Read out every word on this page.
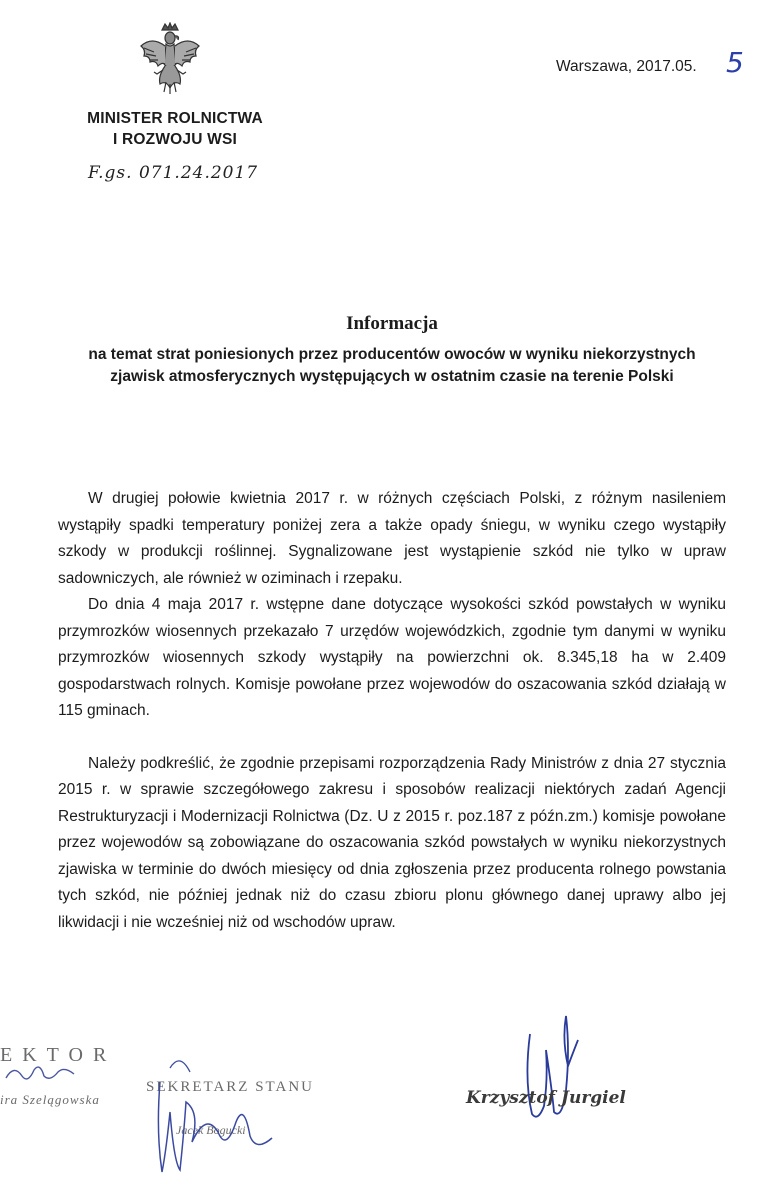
MINISTER ROLNICTWA
I ROZWOJU WSI
F.gs. 071.24.2017
Warszawa, 2017.05. 5
Informacja
na temat strat poniesionych przez producentów owoców w wyniku niekorzystnych zjawisk atmosferycznych występujących w ostatnim czasie na terenie Polski

W drugiej połowie kwietnia 2017 r. w różnych częściach Polski, z różnym nasileniem wystąpiły spadki temperatury poniżej zera a także opady śniegu, w wyniku czego wystąpiły szkody w produkcji roślinnej. Sygnalizowane jest wystąpienie szkód nie tylko w upraw sadowniczych, ale również w oziminach i rzepaku.

Do dnia 4 maja 2017 r. wstępne dane dotyczące wysokości szkód powstałych w wyniku przymrozków wiosennych przekazało 7 urzędów wojewódzkich, zgodnie tym danymi w wyniku przymrozków wiosennych szkody wystąpiły na powierzchni ok. 8.345,18 ha w 2.409 gospodarstwach rolnych. Komisje powołane przez wojewodów do oszacowania szkód działają w 115 gminach.

Należy podkreślić, że zgodnie przepisami rozporządzenia Rady Ministrów z dnia 27 stycznia 2015 r. w sprawie szczegółowego zakresu i sposobów realizacji niektórych zadań Agencji Restrukturyzacji i Modernizacji Rolnictwa (Dz. U z 2015 r. poz.187 z późn.zm.) komisje powołane przez wojewodów są zobowiązane do oszacowania szkód powstałych w wyniku niekorzystnych zjawiska w terminie do dwóch miesięcy od dnia zgłoszenia przez producenta rolnego powstania tych szkód, nie później jednak niż do czasu zbioru plonu głównego danej uprawy albo jej likwidacji i nie wcześniej niż od wschodów upraw.

EKTOR
ira Szelągowska
SEKRETARZ STANU
Jacek Bogucki
Krzysztof Jurgiel
